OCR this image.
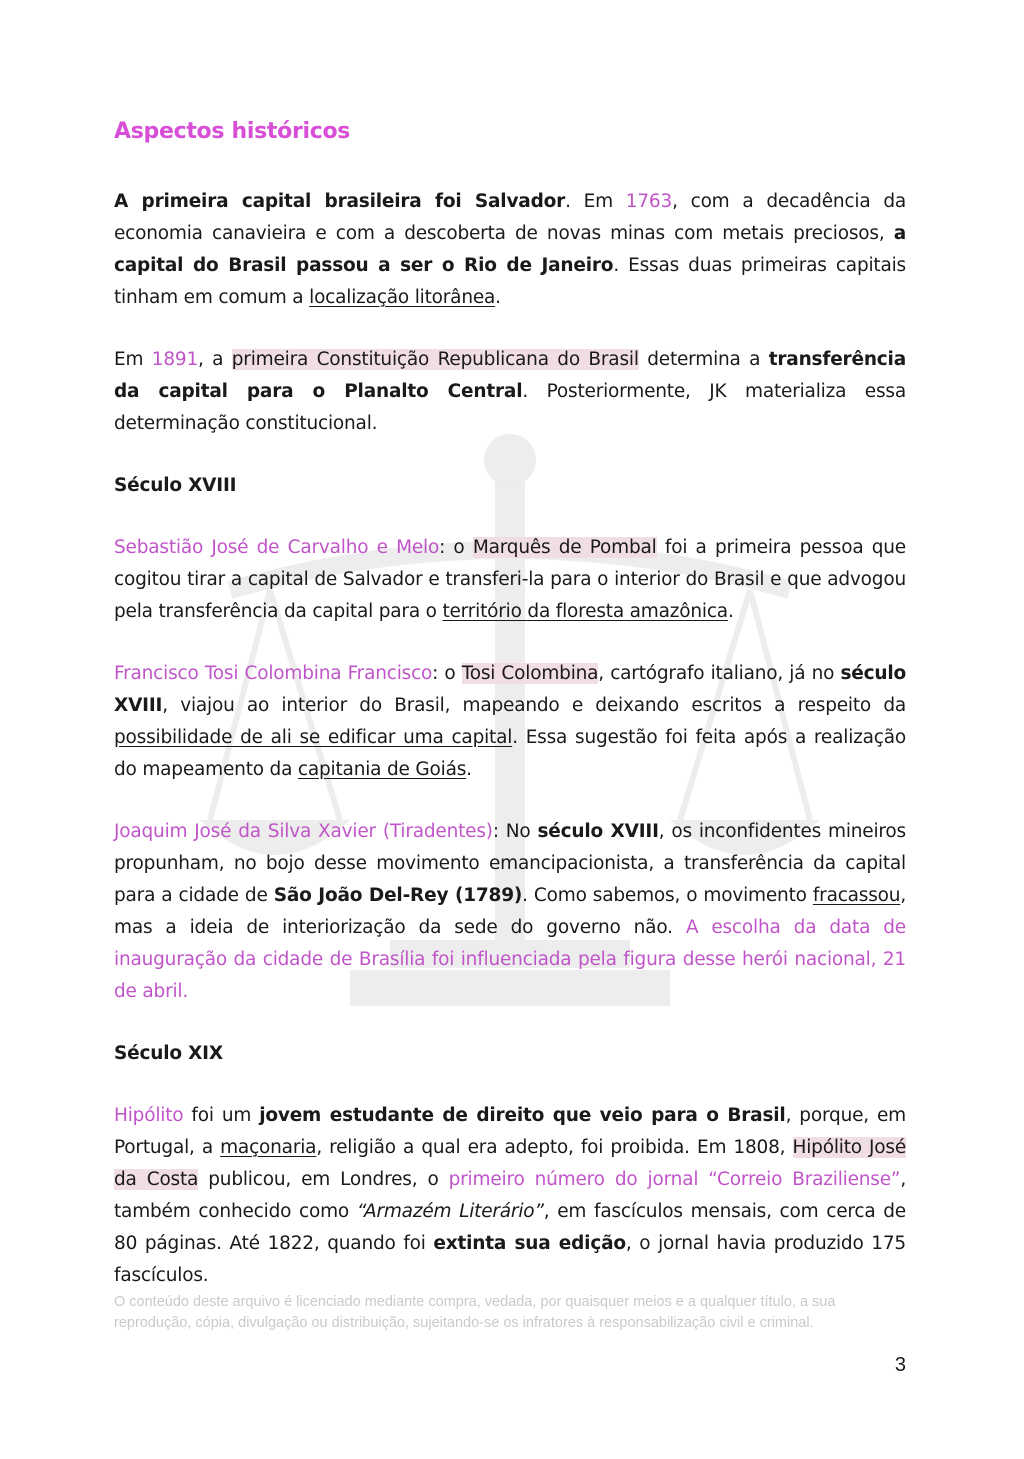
Aspectos históricos

A primeira capital brasileira foi Salvador. Em 1763, com a decadência da economia canavieira e com a descoberta de novas minas com metais preciosos, a capital do Brasil passou a ser o Rio de Janeiro. Essas duas primeiras capitais tinham em comum a localização litorânea.

Em 1891, a primeira Constituição Republicana do Brasil determina a transferência da capital para o Planalto Central. Posteriormente, JK materializa essa determinação constitucional.

Século XVIII

Sebastião José de Carvalho e Melo: o Marquês de Pombal foi a primeira pessoa que cogitou tirar a capital de Salvador e transferi-la para o interior do Brasil e que advogou pela transferência da capital para o território da floresta amazônica.

Francisco Tosi Colombina Francisco: o Tosi Colombina, cartógrafo italiano, já no século XVIII, viajou ao interior do Brasil, mapeando e deixando escritos a respeito da possibilidade de ali se edificar uma capital. Essa sugestão foi feita após a realização do mapeamento da capitania de Goiás.

Joaquim José da Silva Xavier (Tiradentes): No século XVIII, os inconfidentes mineiros propunham, no bojo desse movimento emancipacionista, a transferência da capital para a cidade de São João Del-Rey (1789). Como sabemos, o movimento fracassou, mas a ideia de interiorização da sede do governo não. A escolha da data de inauguração da cidade de Brasília foi influenciada pela figura desse herói nacional, 21 de abril.

Século XIX

Hipólito foi um jovem estudante de direito que veio para o Brasil, porque, em Portugal, a maçonaria, religião a qual era adepto, foi proibida. Em 1808, Hipólito José da Costa publicou, em Londres, o primeiro número do jornal “Correio Braziliense”, também conhecido como “Armazém Literário”, em fascículos mensais, com cerca de 80 páginas. Até 1822, quando foi extinta sua edição, o jornal havia produzido 175 fascículos.

O conteúdo deste arquivo é licenciado mediante compra, vedada, por quaisquer meios e a qualquer título, a sua reprodução, cópia, divulgação ou distribuição, sujeitando-se os infratores à responsabilização civil e criminal.
3
